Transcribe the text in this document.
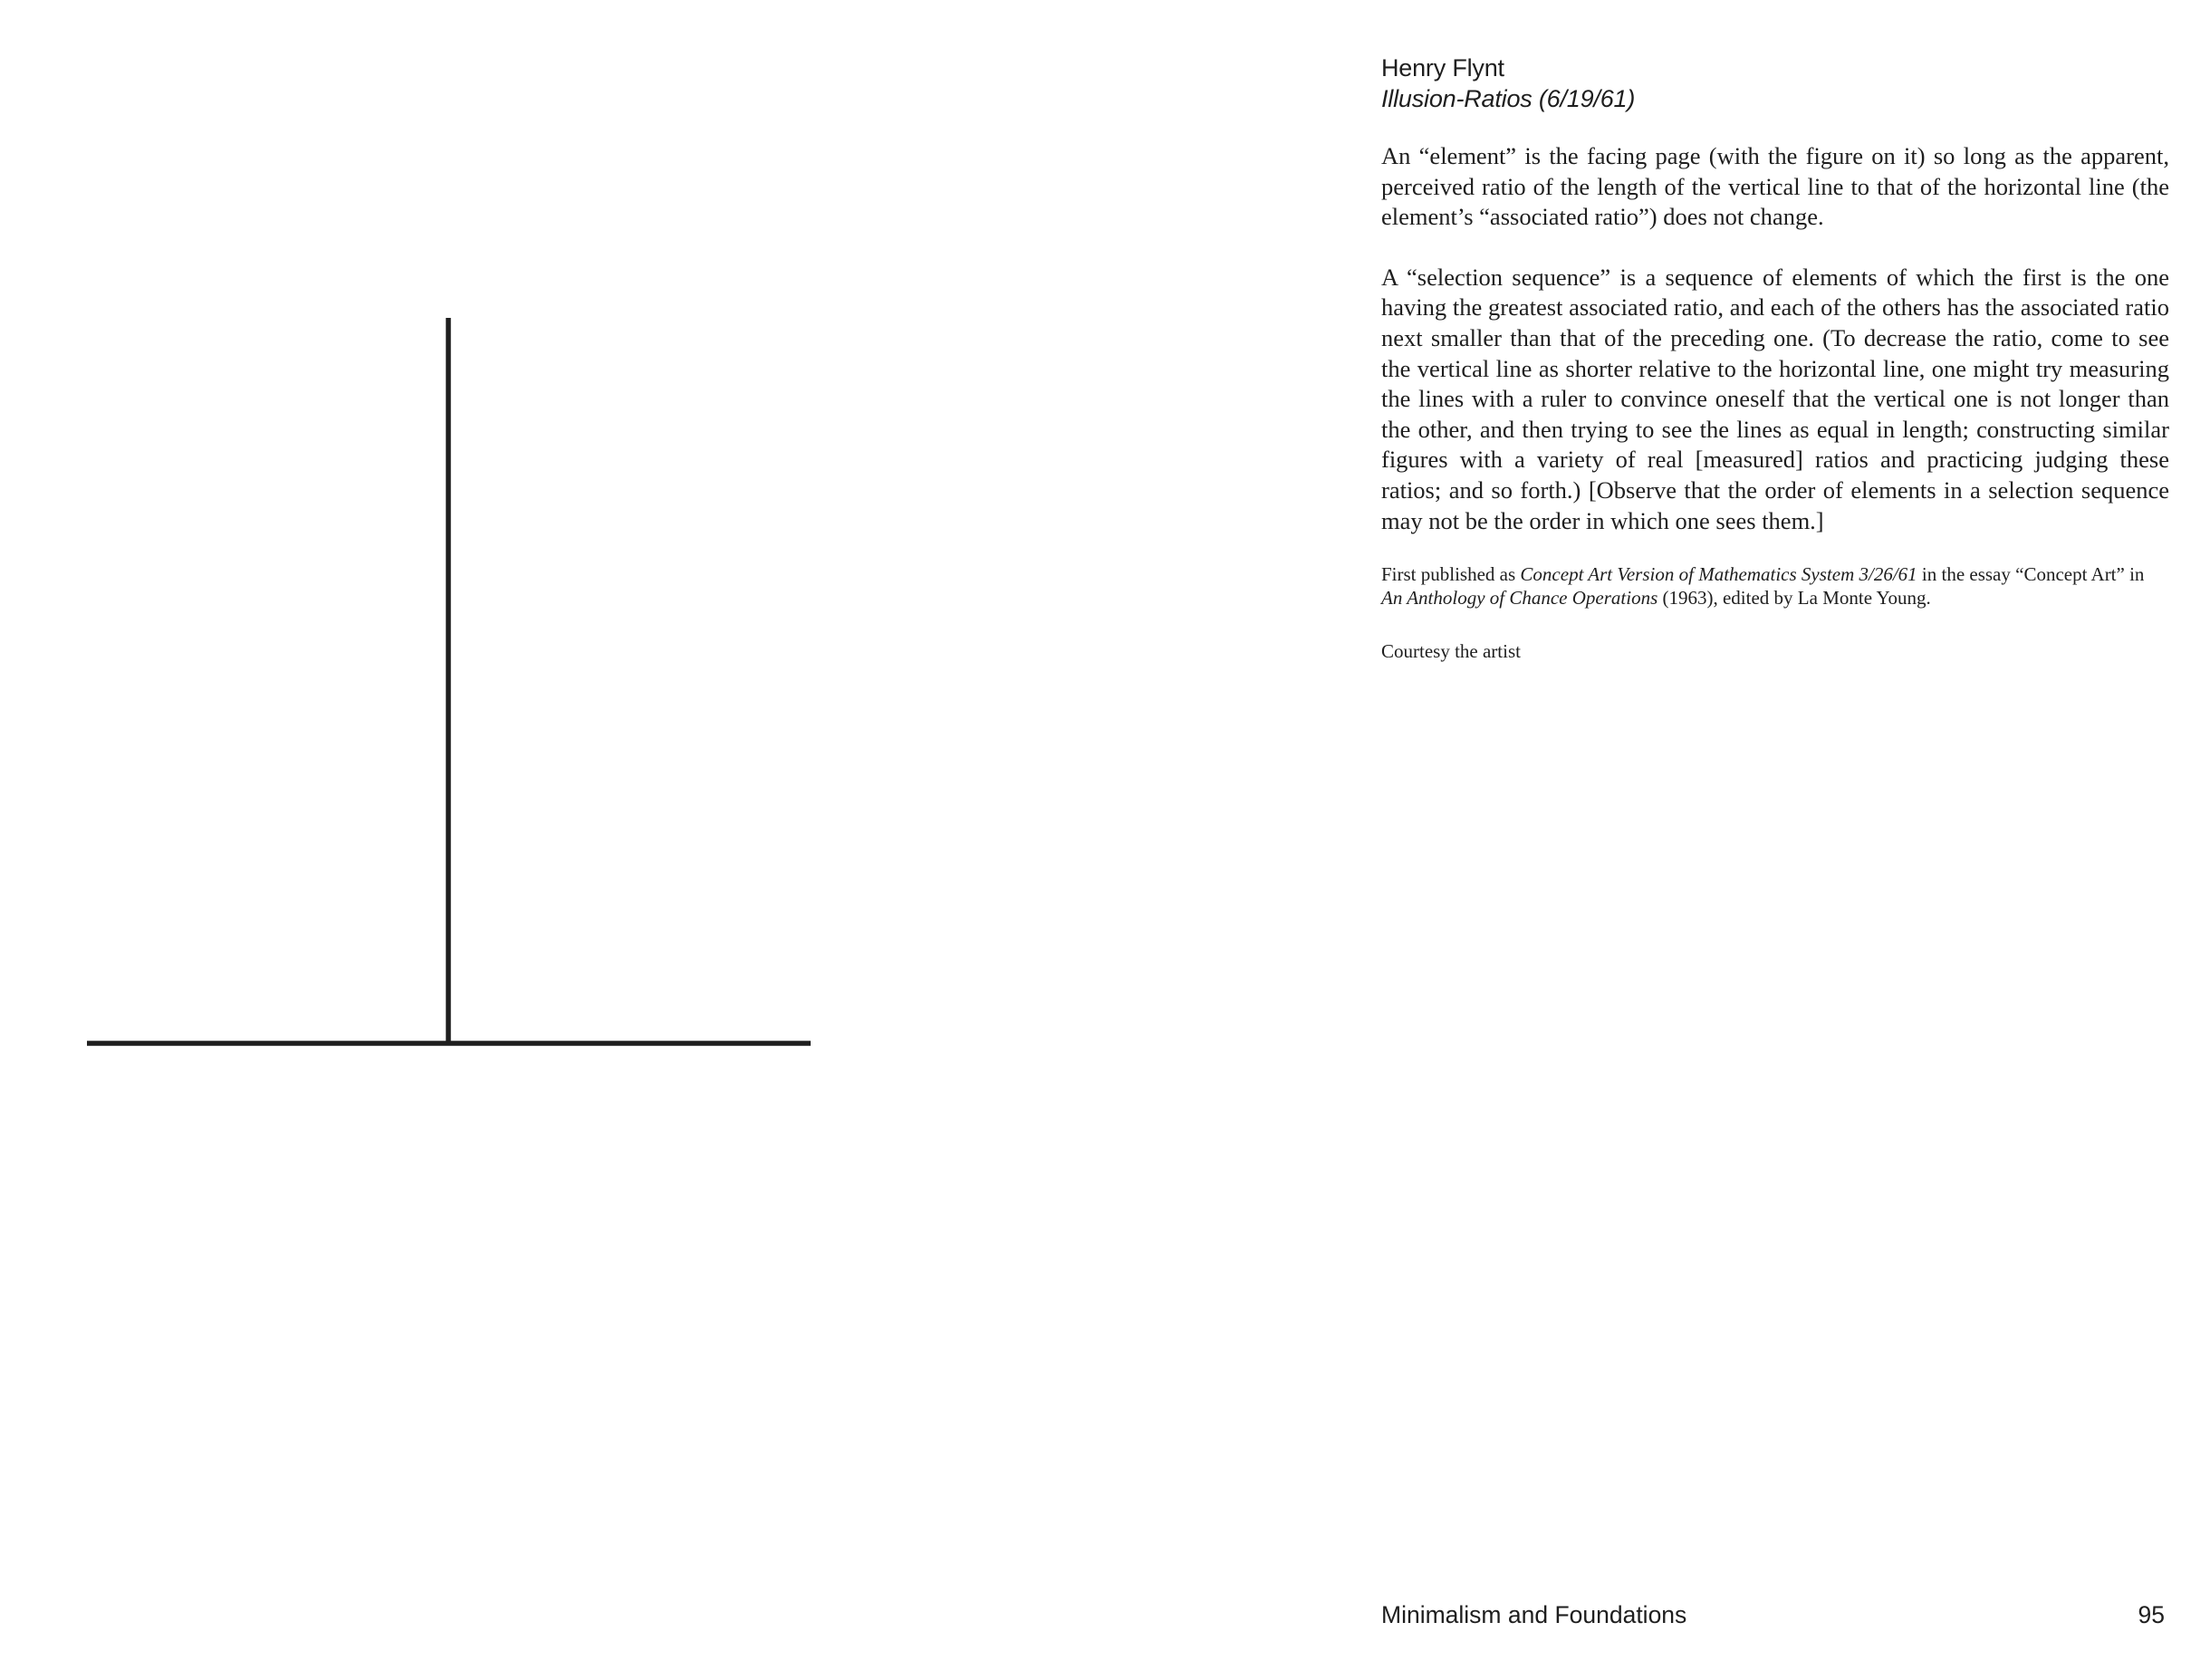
Henry Flynt
Illusion-Ratios (6/19/61)

An “element” is the facing page (with the figure on it) so long as the apparent, perceived ratio of the length of the vertical line to that of the horizontal line (the element’s “associated ratio”) does not change.

A “selection sequence” is a sequence of elements of which the first is the one having the greatest associated ratio, and each of the others has the associated ratio next smaller than that of the preceding one. (To decrease the ratio, come to see the vertical line as shorter relative to the horizontal line, one might try measuring the lines with a ruler to convince oneself that the vertical one is not longer than the other, and then trying to see the lines as equal in length; constructing similar figures with a variety of real [measured] ratios and practicing judging these ratios; and so forth.) [Observe that the order of elements in a selection sequence may not be the order in which one sees them.]

First published as Concept Art Version of Mathematics System 3/26/61 in the essay “Concept Art” in An Anthology of Chance Operations (1963), edited by La Monte Young.

Courtesy the artist

Minimalism and Foundations	95
